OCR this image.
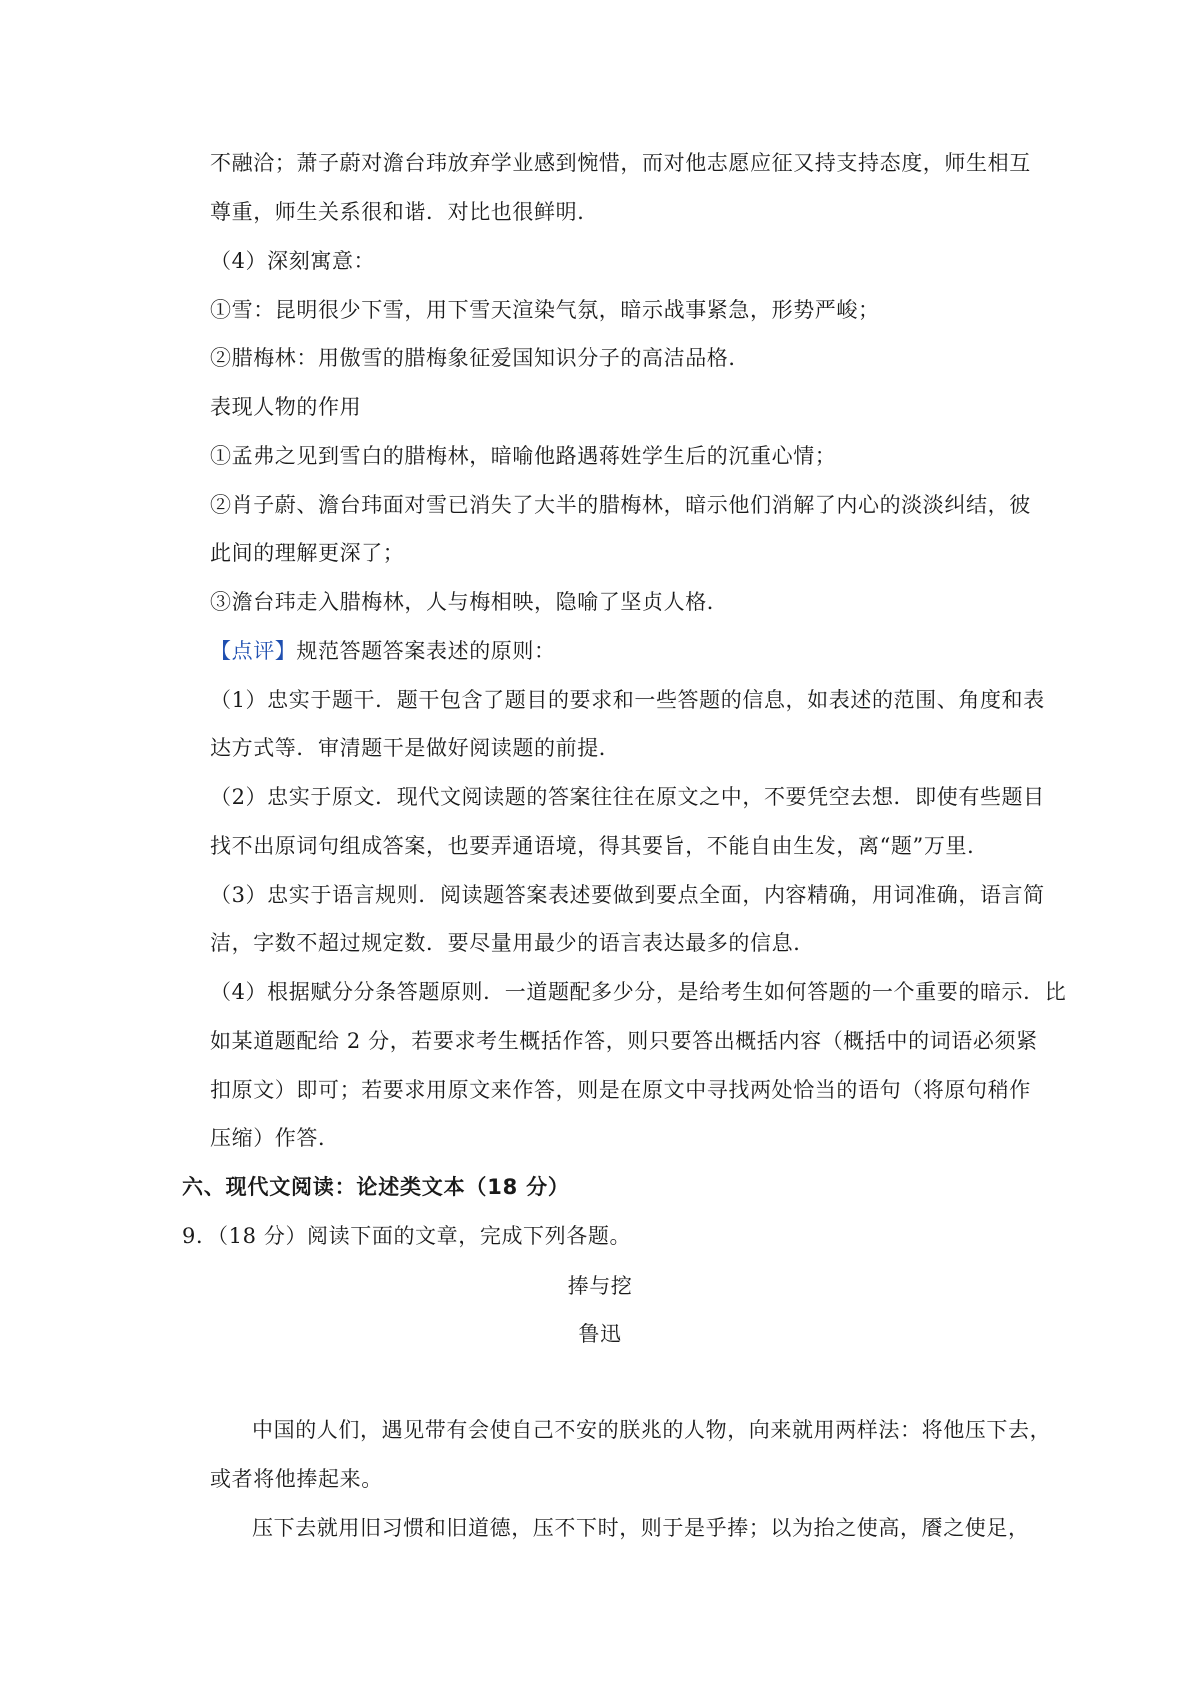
不融洽；萧子蔚对澹台玮放弃学业感到惋惜，而对他志愿应征又持支持态度，师生相互
尊重，师生关系很和谐．对比也很鲜明．
（4）深刻寓意：
①雪：昆明很少下雪，用下雪天渲染气氛，暗示战事紧急，形势严峻；
②腊梅林：用傲雪的腊梅象征爱国知识分子的高洁品格．
表现人物的作用
①孟弗之见到雪白的腊梅林，暗喻他路遇蒋姓学生后的沉重心情；
②肖子蔚、澹台玮面对雪已消失了大半的腊梅林，暗示他们消解了内心的淡淡纠结，彼
此间的理解更深了；
③澹台玮走入腊梅林，人与梅相映，隐喻了坚贞人格．
【点评】规范答题答案表述的原则：
（1）忠实于题干．题干包含了题目的要求和一些答题的信息，如表述的范围、角度和表
达方式等．审清题干是做好阅读题的前提．
（2）忠实于原文．现代文阅读题的答案往往在原文之中，不要凭空去想．即使有些题目
找不出原词句组成答案，也要弄通语境，得其要旨，不能自由生发，离“题”万里．
（3）忠实于语言规则．阅读题答案表述要做到要点全面，内容精确，用词准确，语言简
洁，字数不超过规定数．要尽量用最少的语言表达最多的信息．
（4）根据赋分分条答题原则．一道题配多少分，是给考生如何答题的一个重要的暗示．比
如某道题配给 2 分，若要求考生概括作答，则只要答出概括内容（概括中的词语必须紧
扣原文）即可；若要求用原文来作答，则是在原文中寻找两处恰当的语句（将原句稍作
压缩）作答．
六、现代文阅读：论述类文本（18 分）
9．（18 分）阅读下面的文章，完成下列各题。
捧与挖
鲁迅
中国的人们，遇见带有会使自己不安的朕兆的人物，向来就用两样法：将他压下去，
或者将他捧起来。
压下去就用旧习惯和旧道德，压不下时，则于是乎捧；以为抬之使高，餍之使足，
